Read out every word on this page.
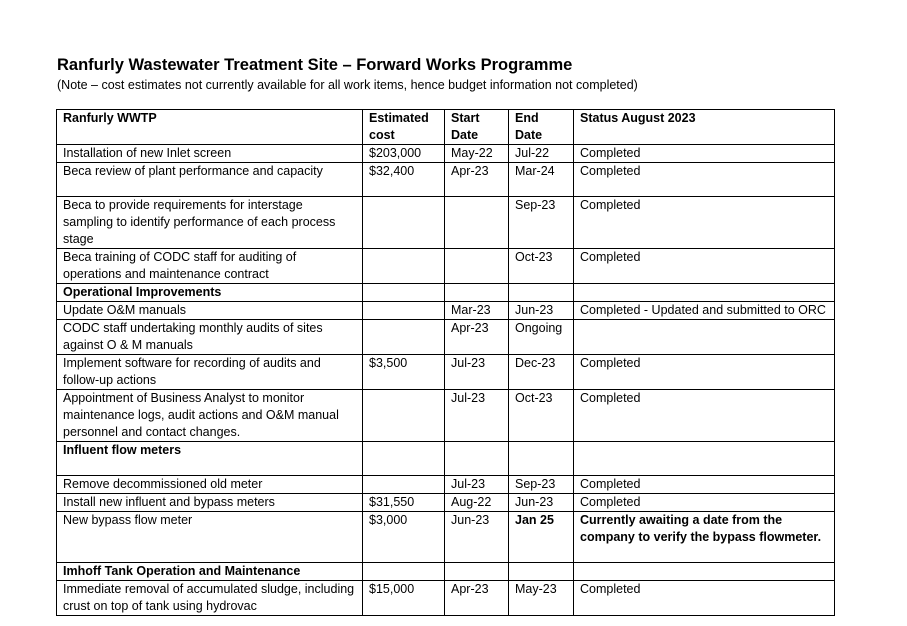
Ranfurly Wastewater Treatment Site – Forward Works Programme
(Note – cost estimates not currently available for all work items, hence budget information not completed)
Ranfurly WWTP	Estimated cost	Start Date	End Date	Status August 2023
Installation of new Inlet screen	$203,000	May-22	Jul-22	Completed
Beca review of plant performance and capacity	$32,400	Apr-23	Mar-24	Completed
Beca to provide requirements for interstage sampling to identify performance of each process stage			Sep-23	Completed
Beca training of CODC staff for auditing of operations and maintenance contract			Oct-23	Completed
Operational Improvements				
Update O&M manuals		Mar-23	Jun-23	Completed - Updated and submitted to ORC
CODC staff undertaking monthly audits of sites against O & M manuals		Apr-23	Ongoing	
Implement software for recording of audits and follow-up actions	$3,500	Jul-23	Dec-23	Completed
Appointment of Business Analyst to monitor maintenance logs, audit actions and O&M manual personnel and contact changes.		Jul-23	Oct-23	Completed
Influent flow meters				
Remove decommissioned old meter		Jul-23	Sep-23	Completed
Install new influent and bypass meters	$31,550	Aug-22	Jun-23	Completed
New bypass flow meter	$3,000	Jun-23	Jan 25	Currently awaiting a date from the company to verify the bypass flowmeter.
Imhoff Tank Operation and Maintenance				
Immediate removal of accumulated sludge, including crust on top of tank using hydrovac	$15,000	Apr-23	May-23	Completed
